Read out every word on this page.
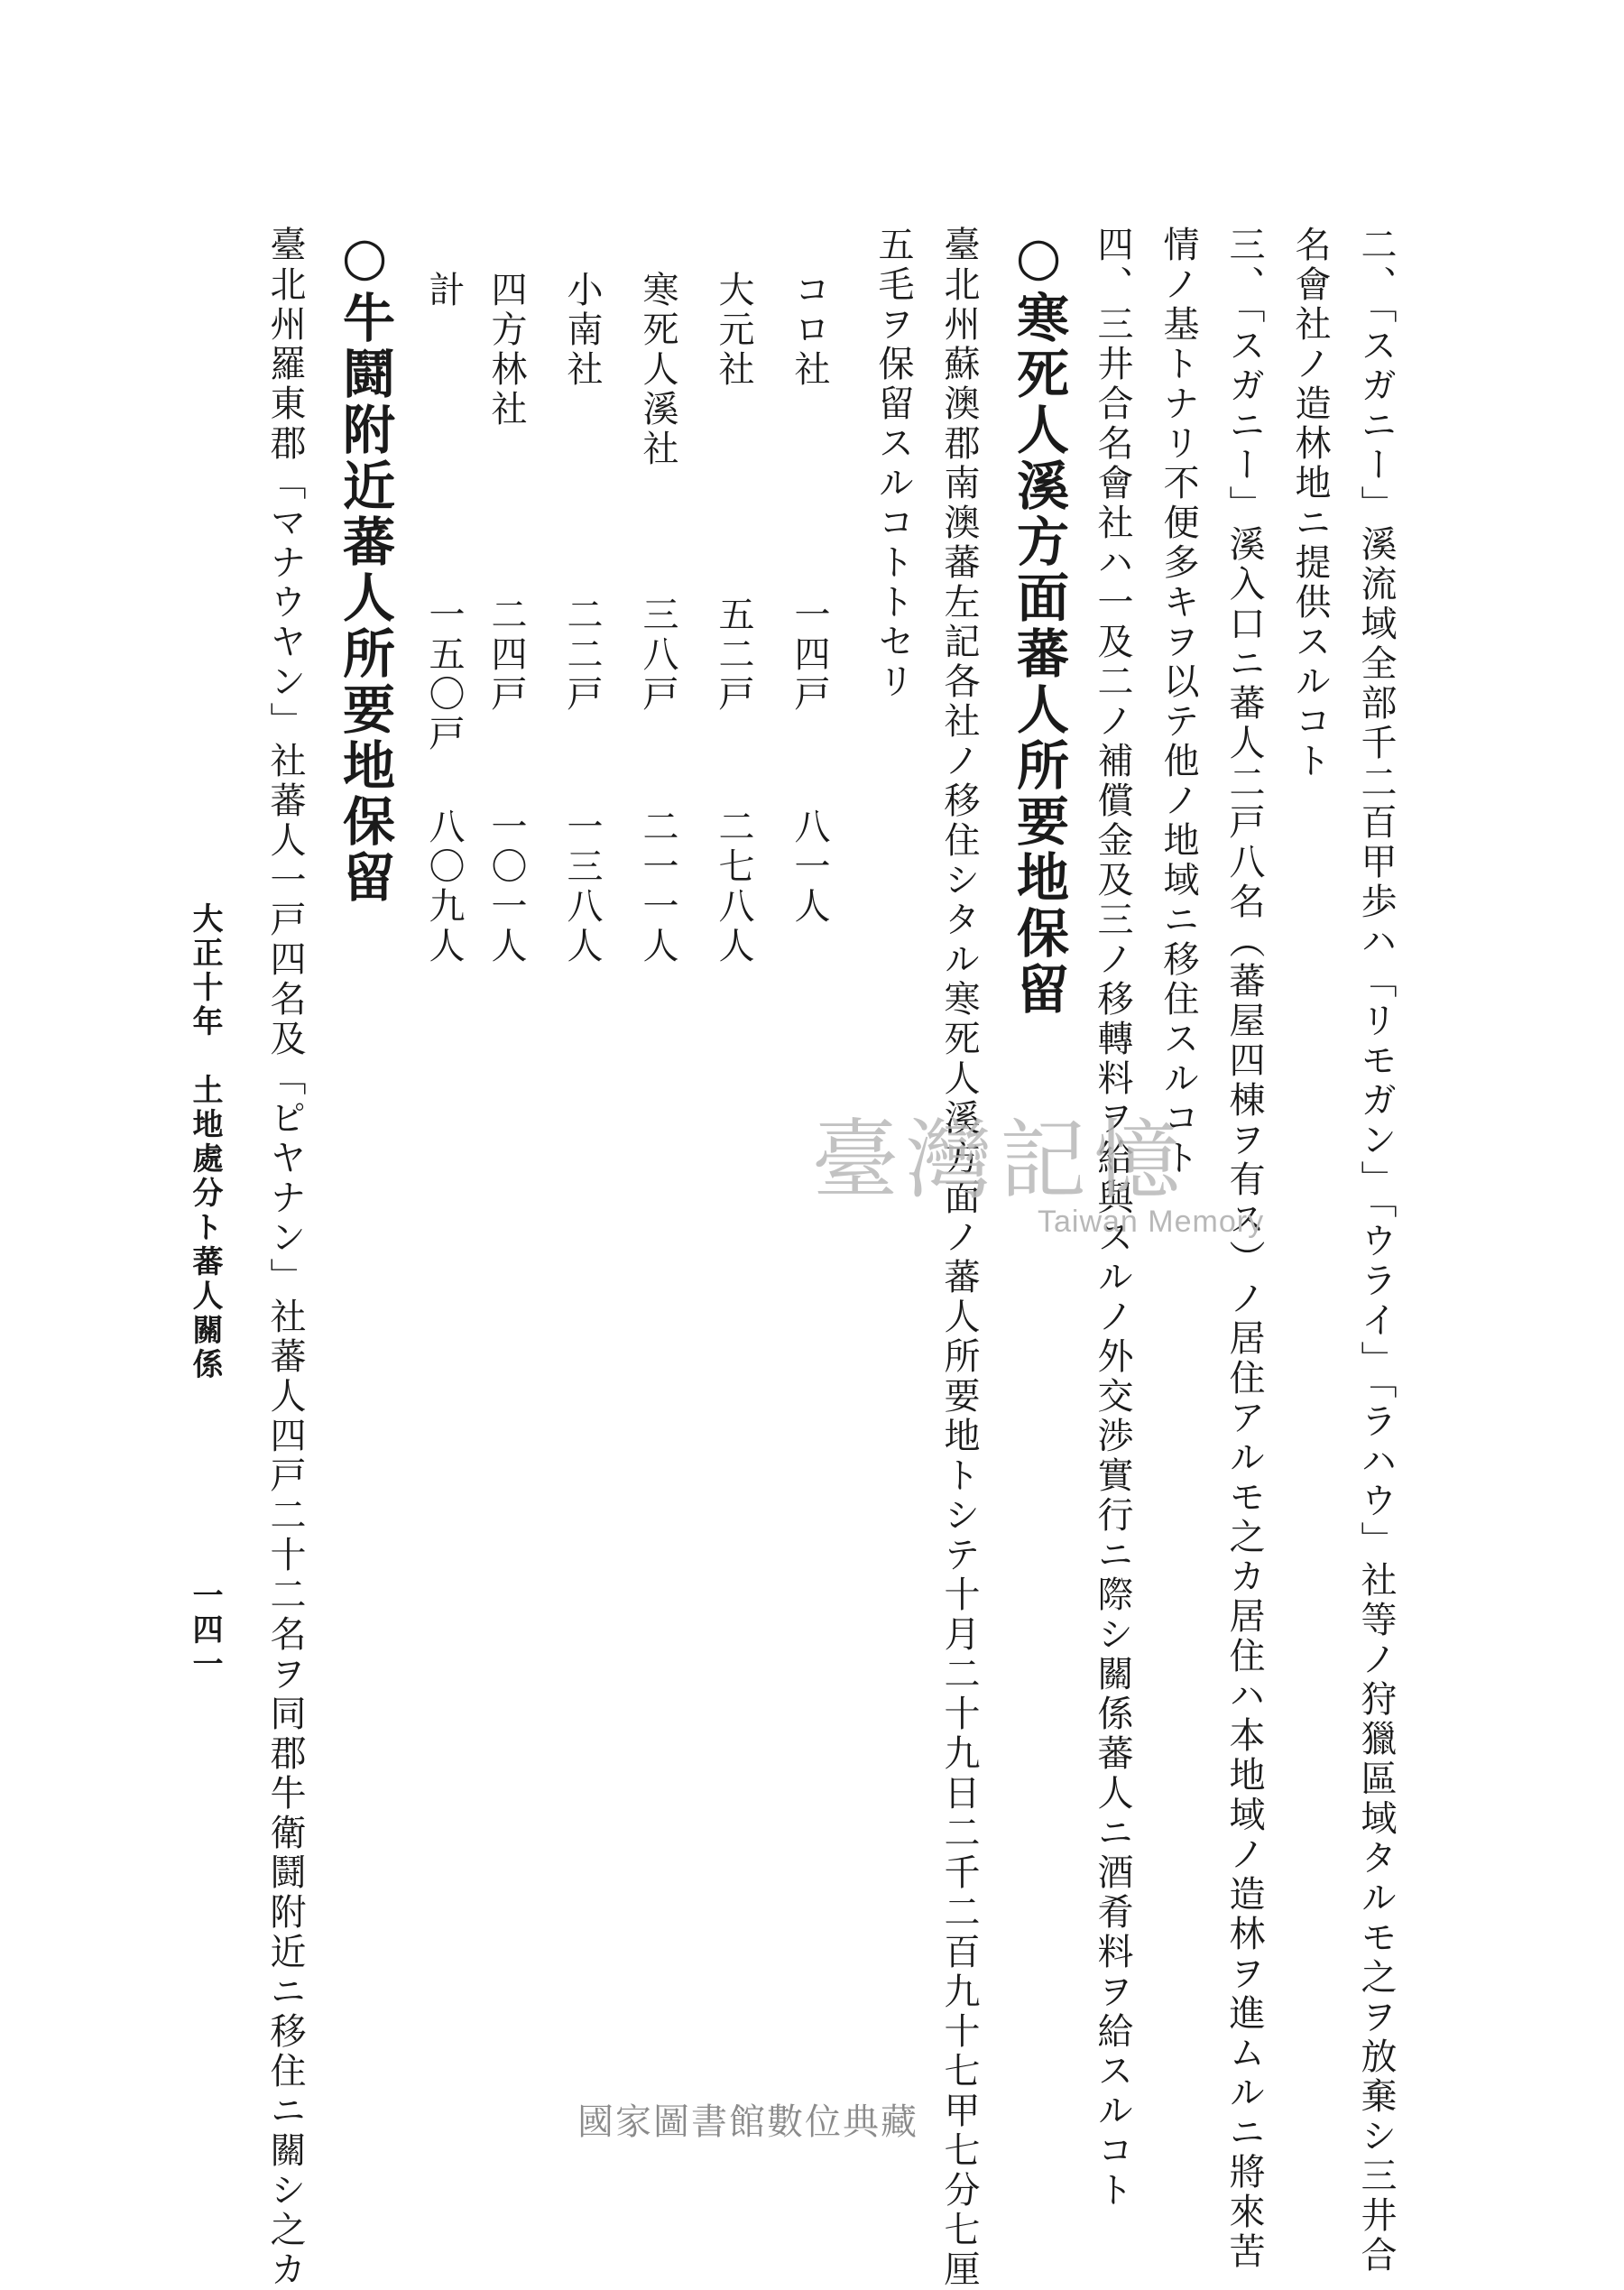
二、「スガニー」溪流域全部千二百甲歩ハ「リモガン」「ウライ」「ラハウ」社等ノ狩獵區域タルモ之ヲ放棄シ三井合
名會社ノ造林地ニ提供スルコト
三、「スガニー」溪入口ニ蕃人二戸八名（蕃屋四棟ヲ有ス）ノ居住アルモ之カ居住ハ本地域ノ造林ヲ進ムルニ將來苦
情ノ基トナリ不便多キヲ以テ他ノ地域ニ移住スルコト
四、三井合名會社ハ一及二ノ補償金及三ノ移轉料ヲ給與スルノ外交渉實行ニ際シ關係蕃人ニ酒肴料ヲ給スルコト
○寒死人溪方面蕃人所要地保留
臺北州蘇澳郡南澳蕃左記各社ノ移住シタル寒死人溪方面ノ蕃人所要地トシテ十月二十九日二千二百九十七甲七分七厘
五毛ヲ保留スルコトトセリ
コロ社
大元社
寒死人溪社
小南社
四方林社
計
一四戸
五二戸
三八戸
二二戸
二四戸
一五〇戸
八一人
二七八人
二一一人
一三八人
一〇一人
八〇九人
○牛鬪附近蕃人所要地保留
臺北州羅東郡「マナウヤン」社蕃人一戸四名及「ピヤナン」社蕃人四戸二十二名ヲ同郡牛衛鬪附近ニ移住ニ關シ之カ
大正十年　土地處分ト蕃人關係
一四一
臺灣記憶
Taiwan Memory
國家圖書館數位典藏
